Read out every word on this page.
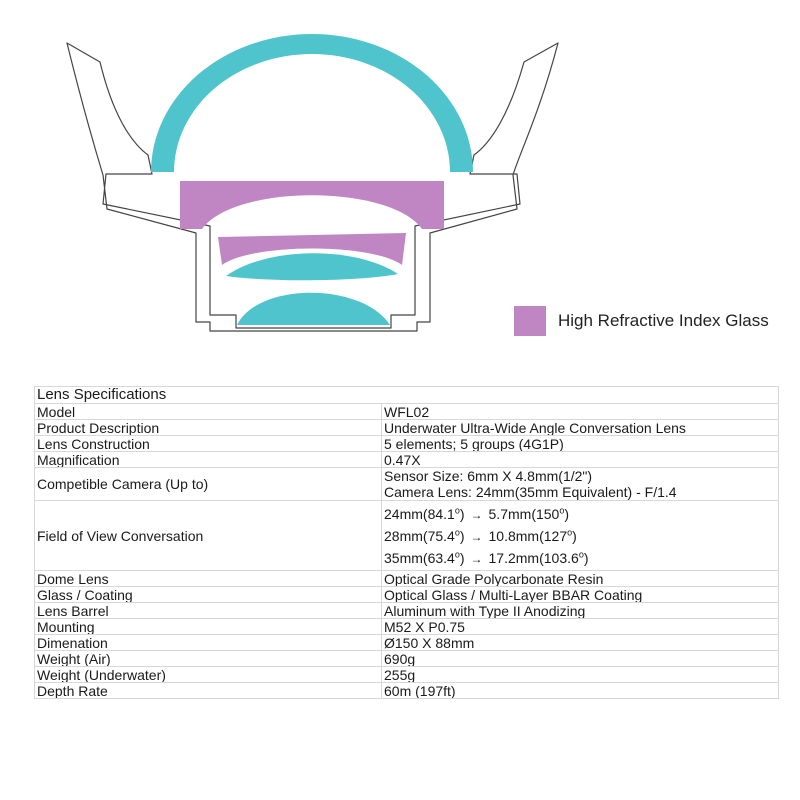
High Refractive Index Glass
Lens Specifications	
Model	WFL02
Product Description	Underwater Ultra-Wide Angle Conversation Lens
Lens Construction	5 elements; 5 groups (4G1P)
Magnification	0.47X
Competible Camera (Up to)	Sensor Size: 6mm X 4.8mm(1/2")
Camera Lens: 24mm(35mm Equivalent) - F/1.4

Field of View Conversation	$24mm(84.1^o) \to 5.7mm(150^o)$
$28mm(75.4^o) \to 10.8mm(127^o)$
$35mm(63.4^o) \to 17.2mm(103.6^o)$

Dome Lens	Optical Grade Polycarbonate Resin
Glass / Coating	Optical Glass / Multi-Layer BBAR Coating
Lens Barrel	Aluminum with Type II Anodizing
Mounting	M52 X P0.75
Dimenation	Ø150 X 88mm
Weight (Air)	690g
Weight (Underwater)	255g
Depth Rate	60m (197ft)
